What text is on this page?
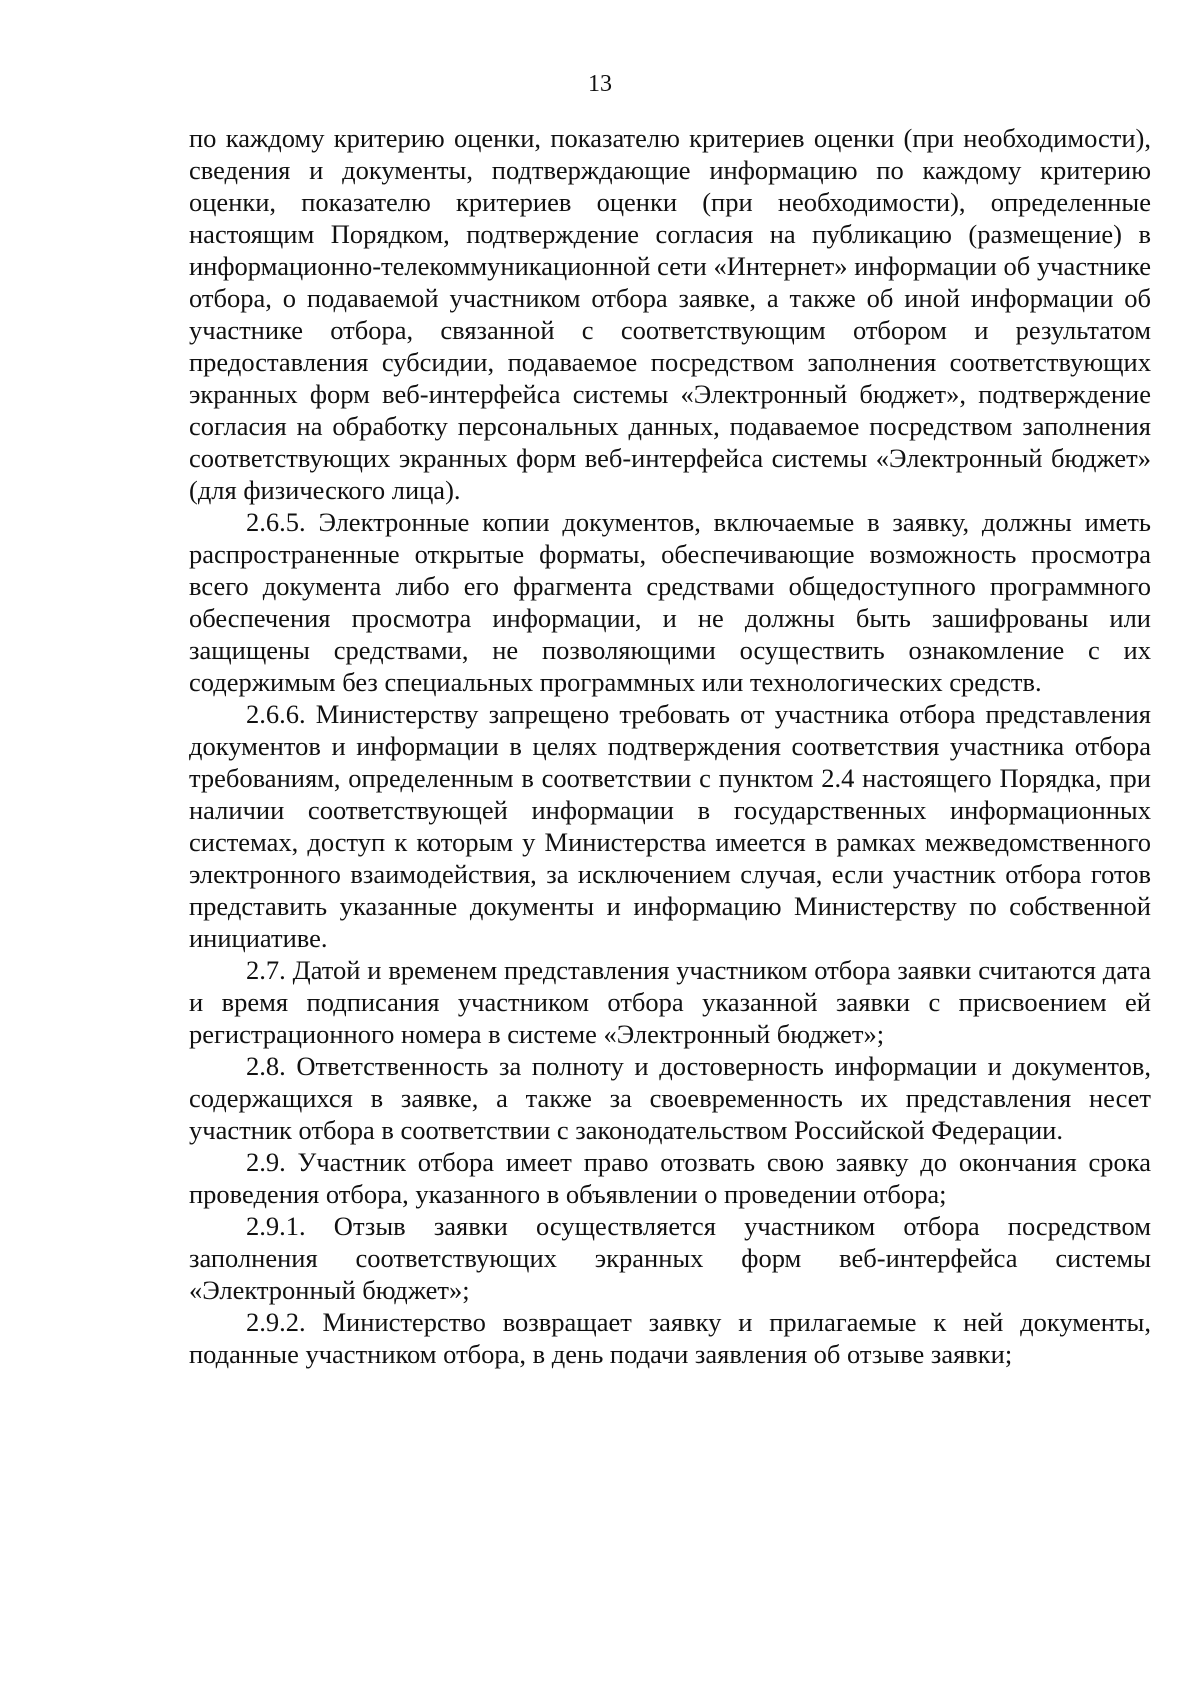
13

по каждому критерию оценки, показателю критериев оценки (при необходимости), сведения и документы, подтверждающие информацию по каждому критерию оценки, показателю критериев оценки (при необходимости), определенные настоящим Порядком, подтверждение согласия на публикацию (размещение) в информационно-телекоммуникационной сети «Интернет» информации об участнике отбора, о подаваемой участником отбора заявке, а также об иной информации об участнике отбора, связанной с соответствующим отбором и результатом предоставления субсидии, подаваемое посредством заполнения соответствующих экранных форм веб-интерфейса системы «Электронный бюджет», подтверждение согласия на обработку персональных данных, подаваемое посредством заполнения соответствующих экранных форм веб-интерфейса системы «Электронный бюджет» (для физического лица).

2.6.5. Электронные копии документов, включаемые в заявку, должны иметь распространенные открытые форматы, обеспечивающие возможность просмотра всего документа либо его фрагмента средствами общедоступного программного обеспечения просмотра информации, и не должны быть зашифрованы или защищены средствами, не позволяющими осуществить ознакомление с их содержимым без специальных программных или технологических средств.

2.6.6. Министерству запрещено требовать от участника отбора представления документов и информации в целях подтверждения соответствия участника отбора требованиям, определенным в соответствии с пунктом 2.4 настоящего Порядка, при наличии соответствующей информации в государственных информационных системах, доступ к которым у Министерства имеется в рамках межведомственного электронного взаимодействия, за исключением случая, если участник отбора готов представить указанные документы и информацию Министерству по собственной инициативе.

2.7. Датой и временем представления участником отбора заявки считаются дата и время подписания участником отбора указанной заявки с присвоением ей регистрационного номера в системе «Электронный бюджет»;

2.8. Ответственность за полноту и достоверность информации и документов, содержащихся в заявке, а также за своевременность их представления несет участник отбора в соответствии с законодательством Российской Федерации.

2.9. Участник отбора имеет право отозвать свою заявку до окончания срока проведения отбора, указанного в объявлении о проведении отбора;

2.9.1. Отзыв заявки осуществляется участником отбора посредством заполнения соответствующих экранных форм веб-интерфейса системы «Электронный бюджет»;

2.9.2. Министерство возвращает заявку и прилагаемые к ней документы, поданные участником отбора, в день подачи заявления об отзыве заявки;
